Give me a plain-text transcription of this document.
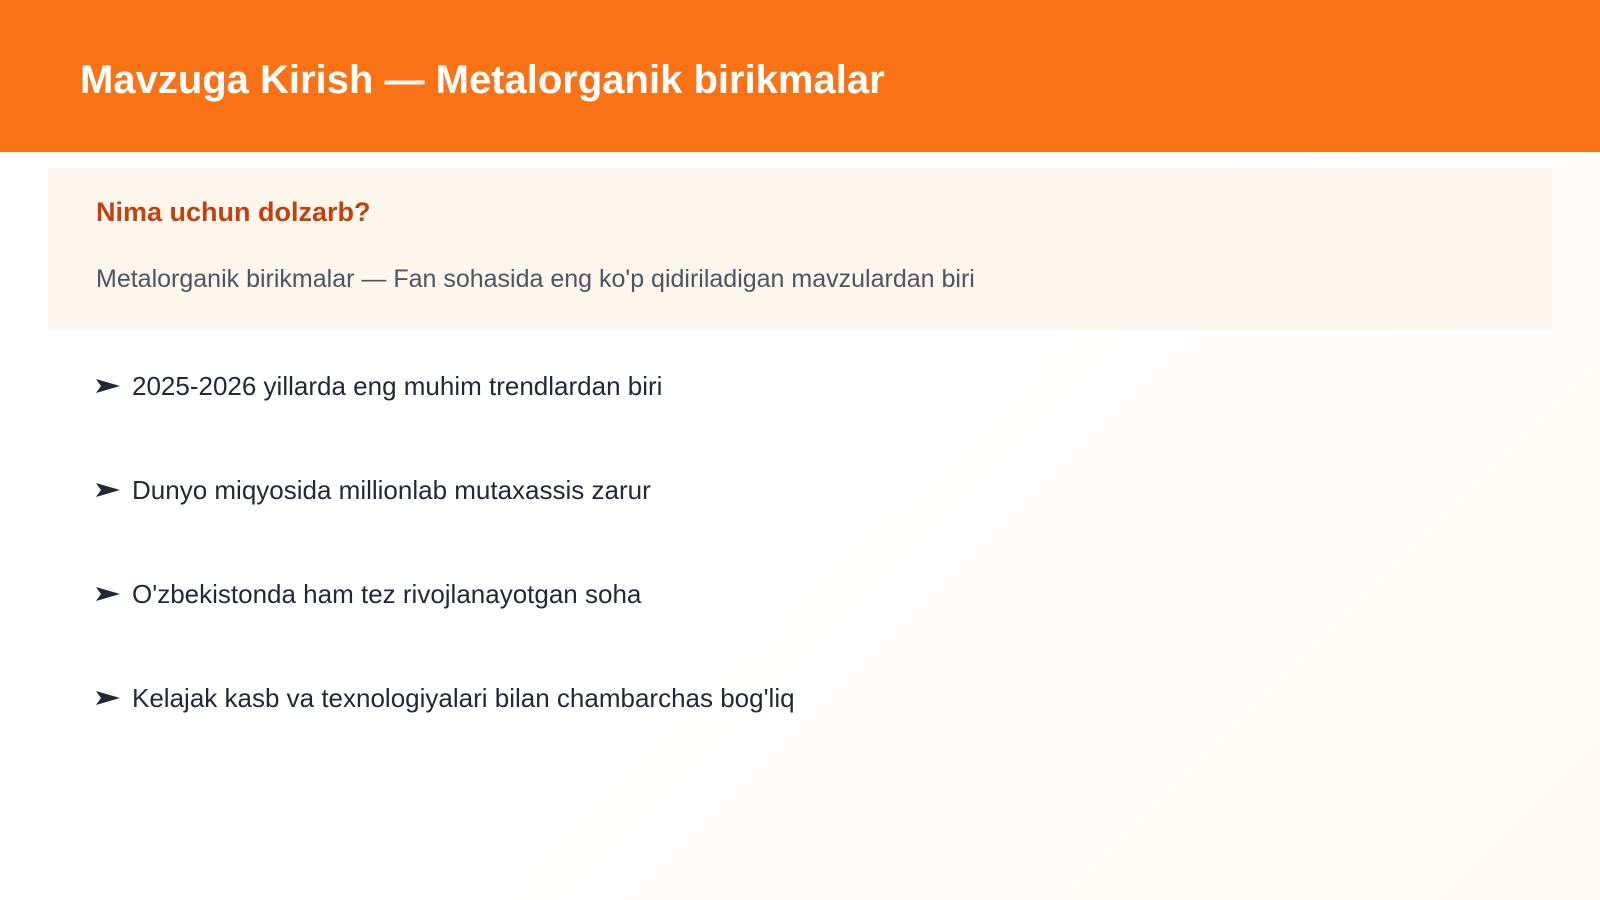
Mavzuga Kirish — Metalorganik birikmalar
Nima uchun dolzarb?

Metalorganik birikmalar — Fan sohasida eng ko'p qidiriladigan mavzulardan biri

2025-2026 yillarda eng muhim trendlardan biri
Dunyo miqyosida millionlab mutaxassis zarur
O'zbekistonda ham tez rivojlanayotgan soha
Kelajak kasb va texnologiyalari bilan chambarchas bog'liq
